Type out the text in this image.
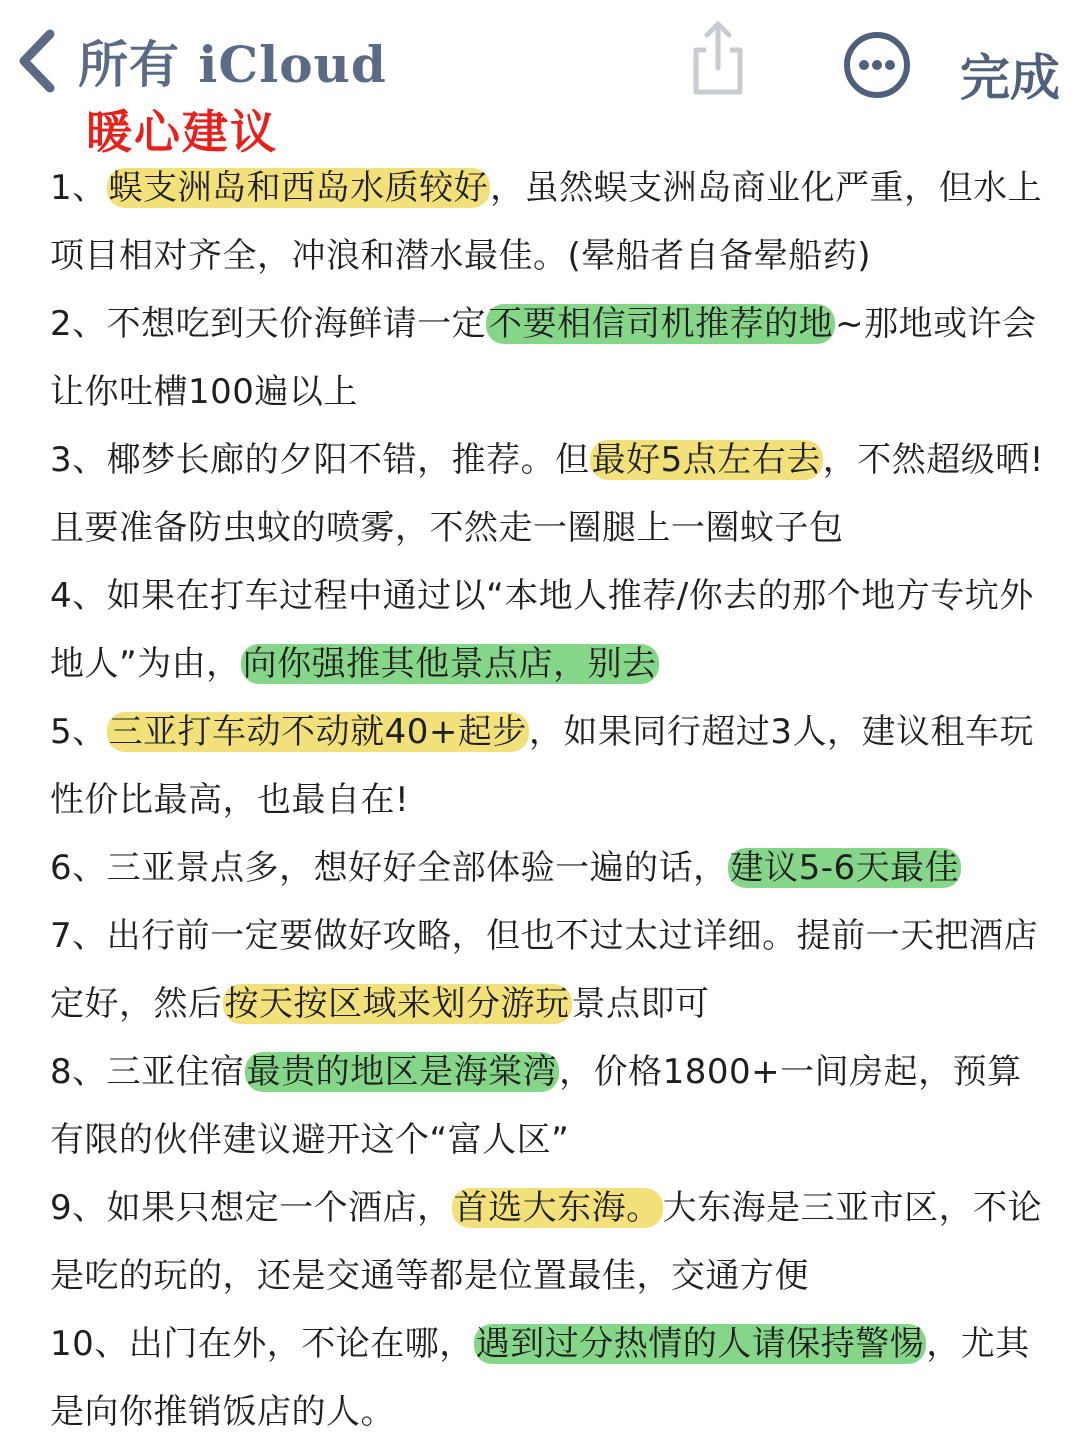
所有 iCloud	完成
暖心建议

1、蜈支洲岛和西岛水质较好，虽然蜈支洲岛商业化严重，但水上项目相对齐全，冲浪和潜水最佳。(晕船者自备晕船药)

2、不想吃到天价海鲜请一定不要相信司机推荐的地~那地或许会让你吐槽100遍以上

3、椰梦长廊的夕阳不错，推荐。但最好5点左右去，不然超级晒!且要准备防虫蚊的喷雾，不然走一圈腿上一圈蚊子包

4、如果在打车过程中通过以“本地人推荐/你去的那个地方专坑外地人”为由，向你强推其他景点店，别去

5、三亚打车动不动就40+起步，如果同行超过3人，建议租车玩性价比最高，也最自在!

6、三亚景点多，想好好全部体验一遍的话，建议5-6天最佳

7、出行前一定要做好攻略，但也不过太过详细。提前一天把酒店定好，然后按天按区域来划分游玩景点即可

8、三亚住宿最贵的地区是海棠湾，价格1800+一间房起，预算有限的伙伴建议避开这个“富人区”

9、如果只想定一个酒店，首选大东海。大东海是三亚市区，不论是吃的玩的，还是交通等都是位置最佳，交通方便

10、出门在外，不论在哪，遇到过分热情的人请保持警惕，尤其是向你推销饭店的人。
